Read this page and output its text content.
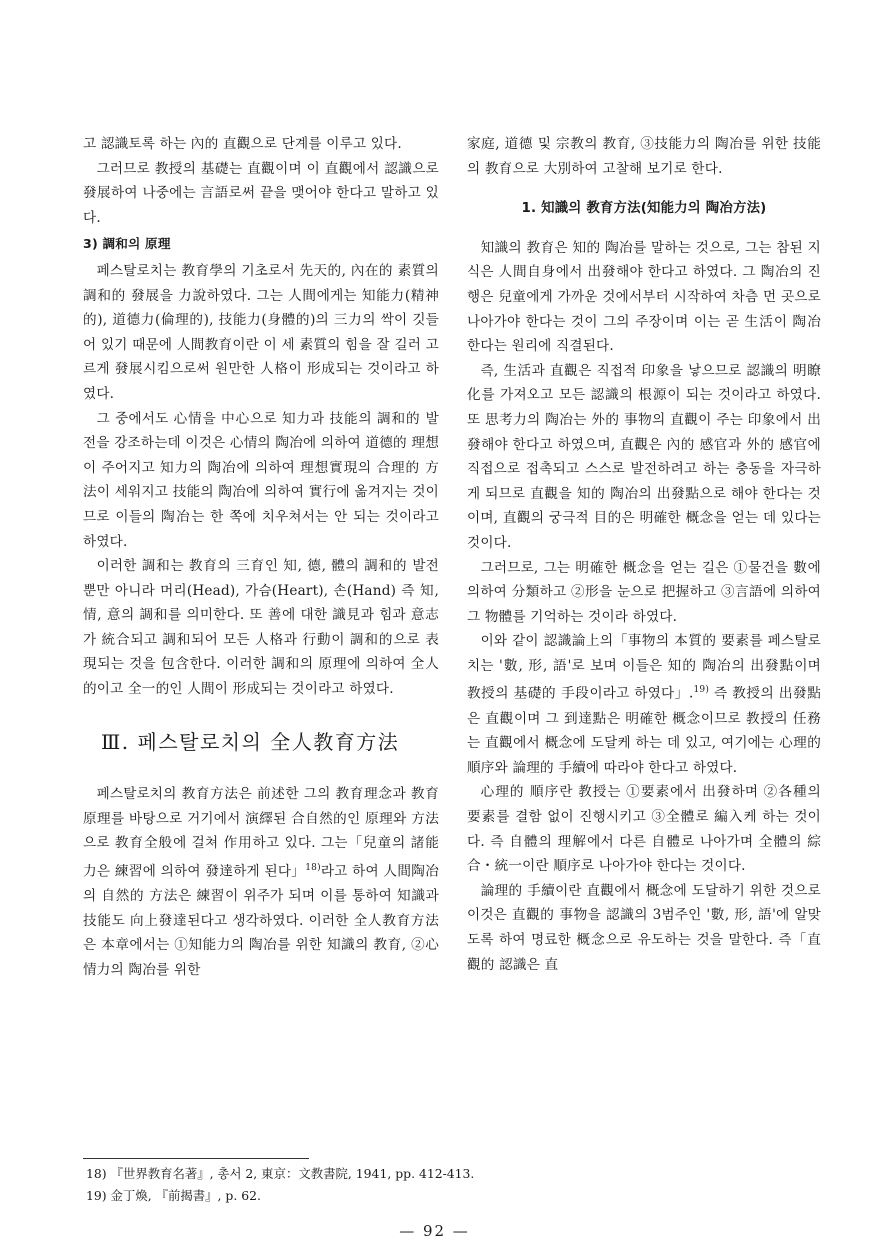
고 認識토록 하는 內的 直觀으로 단계를 이루고 있다.

그러므로 教授의 基礎는 直觀이며 이 直觀에서 認識으로 發展하여 나중에는 言語로써 끝을 맺어야 한다고 말하고 있다.

3) 調和의 原理

페스탈로치는 教育學의 기초로서 先天的, 內在的 素質의 調和的 發展을 力說하였다. 그는 人間에게는 知能力(精神的), 道德力(倫理的), 技能力(身體的)의 三力의 싹이 깃들어 있기 때문에 人間教育이란 이 세 素質의 힘을 잘 길러 고르게 發展시킴으로써 원만한 人格이 形成되는 것이라고 하였다.

그 중에서도 心情을 中心으로 知力과 技能의 調和的 발전을 강조하는데 이것은 心情의 陶冶에 의하여 道德的 理想이 주어지고 知力의 陶冶에 의하여 理想實現의 合理的 方法이 세워지고 技能의 陶冶에 의하여 實行에 옮겨지는 것이므로 이들의 陶冶는 한 쪽에 치우쳐서는 안 되는 것이라고 하였다.

이러한 調和는 教育의 三育인 知, 德, 體의 調和的 발전뿐만 아니라 머리(Head), 가슴(Heart), 손(Hand) 즉 知, 情, 意의 調和를 의미한다. 또 善에 대한 識見과 힘과 意志가 統合되고 調和되어 모든 人格과 行動이 調和的으로 表現되는 것을 包含한다. 이러한 調和의 原理에 의하여 全人的이고 全一的인 人間이 形成되는 것이라고 하였다.

Ⅲ. 페스탈로치의 全人教育方法

페스탈로치의 教育方法은 前述한 그의 教育理念과 教育原理를 바탕으로 거기에서 演繹된 合自然的인 原理와 方法으로 教育全般에 걸쳐 作用하고 있다. 그는「兒童의 諸能力은 練習에 의하여 發達하게 된다」$^{18)}$라고 하여 人間陶冶의 自然的 方法은 練習이 위주가 되며 이를 통하여 知識과 技能도 向上發達된다고 생각하였다. 이러한 全人教育方法은 本章에서는 ①知能力의 陶冶를 위한 知識의 教育, ②心情力의 陶冶를 위한

家庭, 道德 및 宗教의 教育, ③技能力의 陶冶를 위한 技能의 教育으로 大別하여 고찰해 보기로 한다.

1. 知識의 教育方法(知能力의 陶冶方法)

知識의 教育은 知的 陶冶를 말하는 것으로, 그는 참된 지식은 人間自身에서 出發해야 한다고 하였다. 그 陶冶의 진행은 兒童에게 가까운 것에서부터 시작하여 차츰 먼 곳으로 나아가야 한다는 것이 그의 주장이며 이는 곧 生活이 陶冶한다는 원리에 직결된다.

즉, 生活과 直觀은 직접적 印象을 낳으므로 認識의 明瞭化를 가져오고 모든 認識의 根源이 되는 것이라고 하였다. 또 思考力의 陶冶는 外的 事物의 直觀이 주는 印象에서 出發해야 한다고 하였으며, 直觀은 內的 感官과 外的 感官에 직접으로 접촉되고 스스로 발전하려고 하는 충동을 자극하게 되므로 直觀을 知的 陶冶의 出發點으로 해야 한다는 것이며, 直觀의 궁극적 目的은 明確한 概念을 얻는 데 있다는 것이다.

그러므로, 그는 明確한 概念을 얻는 길은 ①물건을 數에 의하여 分類하고 ②形을 눈으로 把握하고 ③言語에 의하여 그 物體를 기억하는 것이라 하였다.

이와 같이 認識論上의「事物의 本質的 要素를 페스탈로치는 '數, 形, 語'로 보며 이들은 知的 陶冶의 出發點이며 教授의 基礎的 手段이라고 하였다」.$^{19)}$ 즉 教授의 出發點은 直觀이며 그 到達點은 明確한 概念이므로 教授의 任務는 直觀에서 概念에 도달케 하는 데 있고, 여기에는 心理的 順序와 論理的 手續에 따라야 한다고 하였다.

心理的 順序란 教授는 ①要素에서 出發하며 ②各種의 要素를 결함 없이 진행시키고 ③全體로 編入케 하는 것이다. 즉 自體의 理解에서 다른 自體로 나아가며 全體의 綜合・統一이란 順序로 나아가야 한다는 것이다.

論理的 手續이란 直觀에서 概念에 도달하기 위한 것으로 이것은 直觀的 事物을 認識의 3범주인 '數, 形, 語'에 알맞도록 하여 명료한 概念으로 유도하는 것을 말한다. 즉「直觀的 認識은 直

18) 『世界教育名著』, 총서 2, 東京：文教書院, 1941, pp. 412-413.
19) 金丁煥, 『前揭書』, p. 62.
— 92 —
